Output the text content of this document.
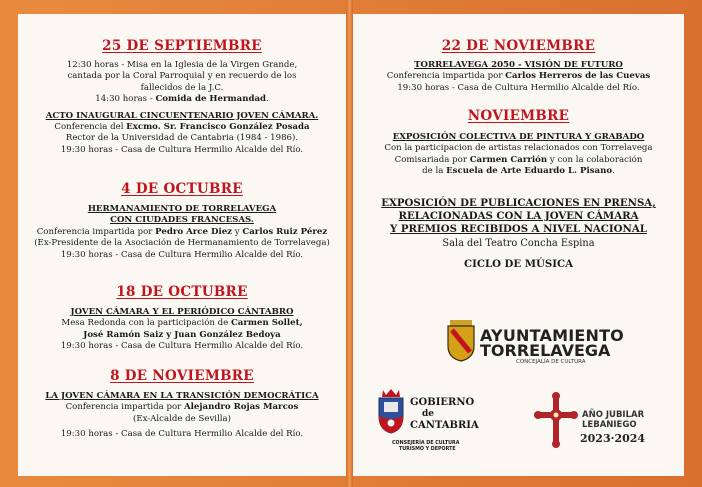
25 DE SEPTIEMBRE
12:30 horas - Misa en la Iglesia de la Virgen Grande,
cantada por la Coral Parroquial y en recuerdo de los
fallecidos de la J.C.
14:30 horas - Comida de Hermandad.
ACTO INAUGURAL CINCUENTENARIO JOVEN CÁMARA.
Conferencia del Excmo. Sr. Francisco González Posada
Rector de la Universidad de Cantabria (1984 - 1986).
19:30 horas - Casa de Cultura Hermilio Alcalde del Río.
4 DE OCTUBRE
HERMANAMIENTO DE TORRELAVEGA
CON CIUDADES FRANCESAS.
Conferencia impartida por Pedro Arce Diez y Carlos Ruiz Pérez
(Ex-Presidente de la Asociación de Hermanamiento de Torrelavega)
19:30 horas - Casa de Cultura Hermilio Alcalde del Río.
18 DE OCTUBRE
JOVEN CÁMARA Y EL PERIÓDICO CÁNTABRO
Mesa Redonda con la participación de Carmen Sollet,
José Ramón Saiz y Juan González Bedoya
19:30 horas - Casa de Cultura Hermilio Alcalde del Río.
8 DE NOVIEMBRE
LA JOVEN CÁMARA EN LA TRANSICIÓN DEMOCRÁTICA
Conferencia impartida por Alejandro Rojas Marcos
(Ex-Alcalde de Sevilla)
19:30 horas - Casa de Cultura Hermilio Alcalde del Río.
22 DE NOVIEMBRE
TORRELAVEGA 2050 - VISIÓN DE FUTURO
Conferencia impartida por Carlos Herreros de las Cuevas
19:30 horas - Casa de Cultura Hermilio Alcalde del Río.
NOVIEMBRE
EXPOSICIÓN COLECTIVA DE PINTURA Y GRABADO
Con la participacion de artistas relacionados con Torrelavega
Comisariada por Carmen Carrión y con la colaboración
de la Escuela de Arte Eduardo L. Pisano.
EXPOSICIÓN DE PUBLICACIONES EN PRENSA,
RELACIONADAS CON LA JOVEN CÁMARA
Y PREMIOS RECIBIDOS A NIVEL NACIONAL
Sala del Teatro Concha Espina
CICLO DE MÚSICA
AYUNTAMIENTO
TORRELAVEGA
CONCEJALÍA DE CULTURA
GOBIERNO
de
CANTABRIA
CONSEJERÍA DE CULTURA
TURISMO Y DEPORTE
AÑO JUBILAR
LEBANIEGO
2023·2024
